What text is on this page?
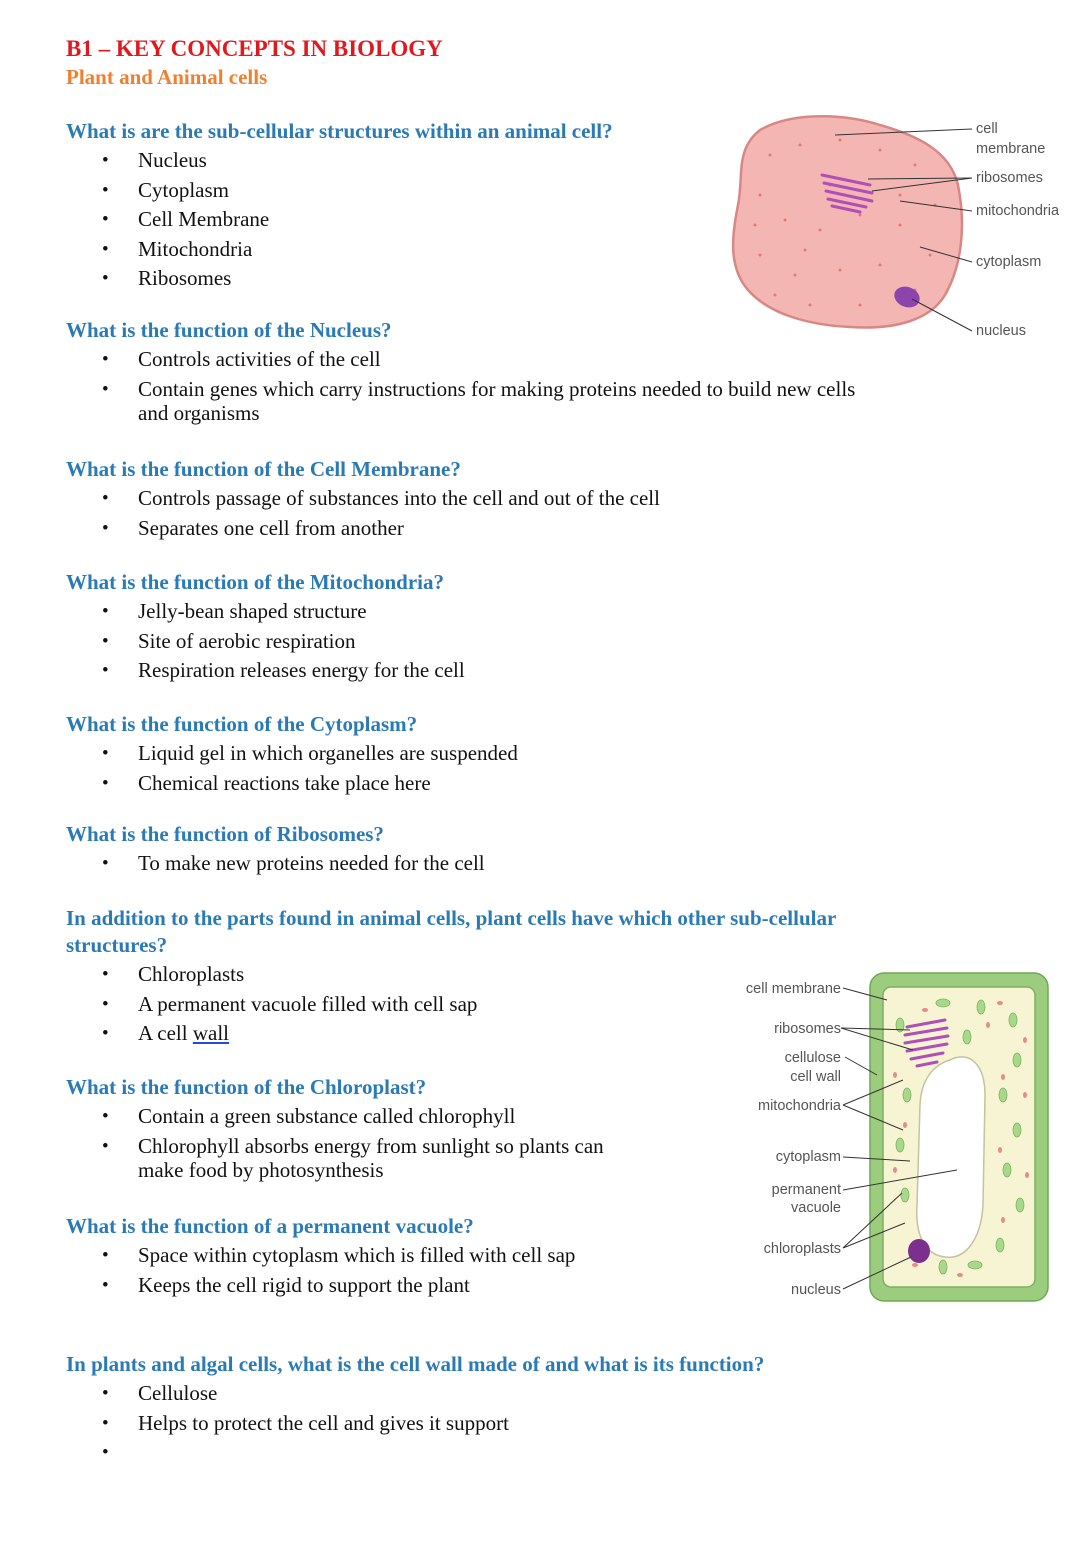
B1 – KEY CONCEPTS IN BIOLOGY
Plant and Animal cells

What is are the sub-cellular structures within an animal cell?

• Nucleus
• Cytoplasm
• Cell Membrane
• Mitochondria
• Ribosomes

What is the function of the Nucleus?

• Controls activities of the cell
• Contain genes which carry instructions for making proteins needed to build new cells
and organisms

What is the function of the Cell Membrane?

• Controls passage of substances into the cell and out of the cell
• Separates one cell from another

What is the function of the Mitochondria?

• Jelly-bean shaped structure
• Site of aerobic respiration
• Respiration releases energy for the cell

What is the function of the Cytoplasm?

• Liquid gel in which organelles are suspended
• Chemical reactions take place here

What is the function of Ribosomes?

• To make new proteins needed for the cell

In addition to the parts found in animal cells, plant cells have which other sub-cellular

structures?

• Chloroplasts
• A permanent vacuole filled with cell sap
• A cell wall

What is the function of the Chloroplast?

• Contain a green substance called chlorophyll
• Chlorophyll absorbs energy from sunlight so plants can
make food by photosynthesis

What is the function of a permanent vacuole?

• Space within cytoplasm which is filled with cell sap
• Keeps the cell rigid to support the plant

In plants and algal cells, what is the cell wall made of and what is its function?

• Cellulose
• Helps to protect the cell and gives it support
cell
membrane
ribosomes
mitochondria
cytoplasm
nucleus
cell membrane
ribosomes
cellulose
cell wall
mitochondria
cytoplasm
permanent
vacuole
chloroplasts
nucleus
